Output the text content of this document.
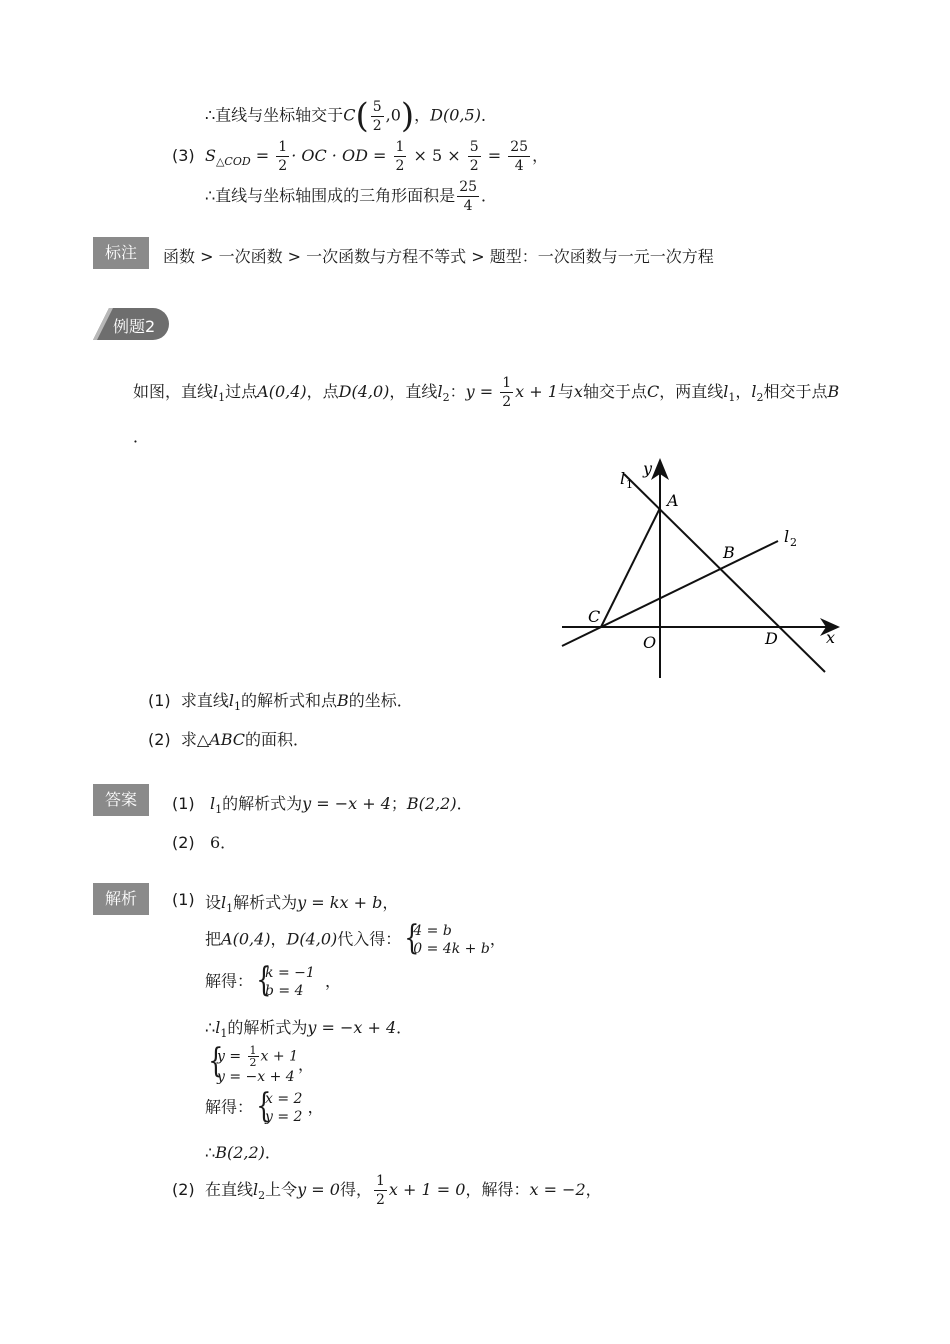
∴直线与坐标轴交于$C( \frac{5}{2} ,0)$，D(0,5)．
(3) $S_{\triangle COD} = \frac{1}{2}$ · OC · OD = $\frac{1}{2} \times 5 \times \frac{5}{2} = \frac{25}{4}$ ，
∴直线与坐标轴围成的三角形面积是 $\frac{25}{4}$ ．
标注	函数 > 一次函数 > 一次函数与方程不等式 > 题型：一次函数与一元一次方程
例题2
如图，直线$l_1$过点A(0,4)，点D(4,0)，直线$l_2$：$y = \frac{1}{2}$ x + 1与x轴交于点C，两直线$l_1$，$l_2$相交于点B
．
y
x
A
B
C
D
O
l 1
l 2
(1) 求直线$l_1$的解析式和点B的坐标．
(2) 求△ABC的面积．
答案	(1) $l_1$的解析式为y = −x + 4；B(2,2)．
(2) 6．
解析	(1) 设$l_1$解析式为y = kx + b，
把A(0,4)，D(4,0)代入得： {
4 = b
0 = 4k + b
，
解得： {
k = −1
b = 4
，
$\therefore l_1$的解析式为y = −x + 4．
{
$y = \frac{1}{2}$ x + 1
y = −x + 4
，
解得： {
x = 2
y = 2
，
∴B(2,2)．
(2) 在直线$l_2$上令y = 0得， $\frac{1}{2}$ x + 1 = 0，解得：x = −2，
